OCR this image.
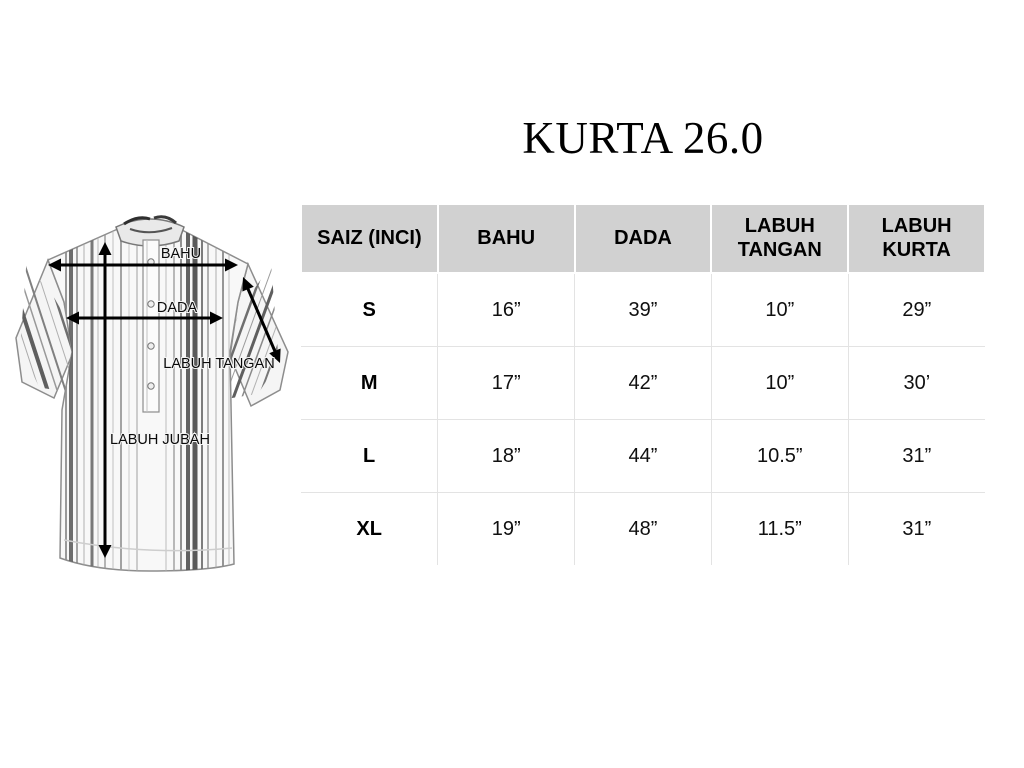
KURTA 26.0
BAHU
DADA
LABUH TANGAN
LABUH JUBAH
SAIZ (INCI)	BAHU	DADA	LABUH TANGAN	LABUH KURTA
S	16”	39”	10”	29”
M	17”	42”	10”	30’
L	18”	44”	10.5”	31”
XL	19”	48”	11.5”	31”
